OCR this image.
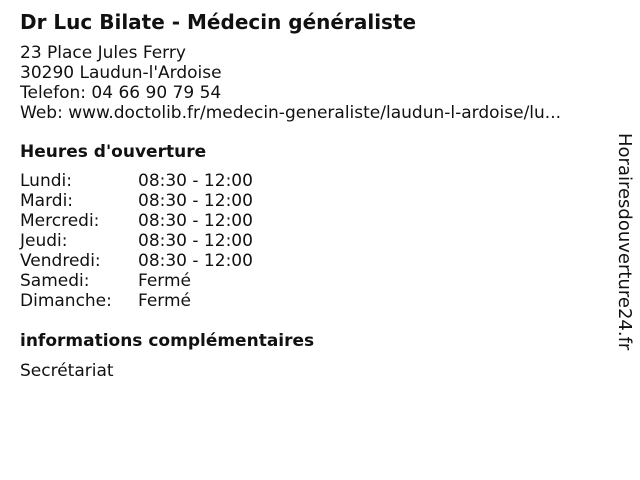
Dr Luc Bilate - Médecin généraliste
23 Place Jules Ferry
30290 Laudun-l'Ardoise
Telefon: 04 66 90 79 54
Web: www.doctolib.fr/medecin-generaliste/laudun-l-ardoise/lu...
Heures d'ouverture
Lundi:	08:30 - 12:00
Mardi:	08:30 - 12:00
Mercredi:	08:30 - 12:00
Jeudi:	08:30 - 12:00
Vendredi:	08:30 - 12:00
Samedi:	Fermé
Dimanche:	Fermé
informations complémentaires
Secrétariat
Horairesdouverture24.fr
